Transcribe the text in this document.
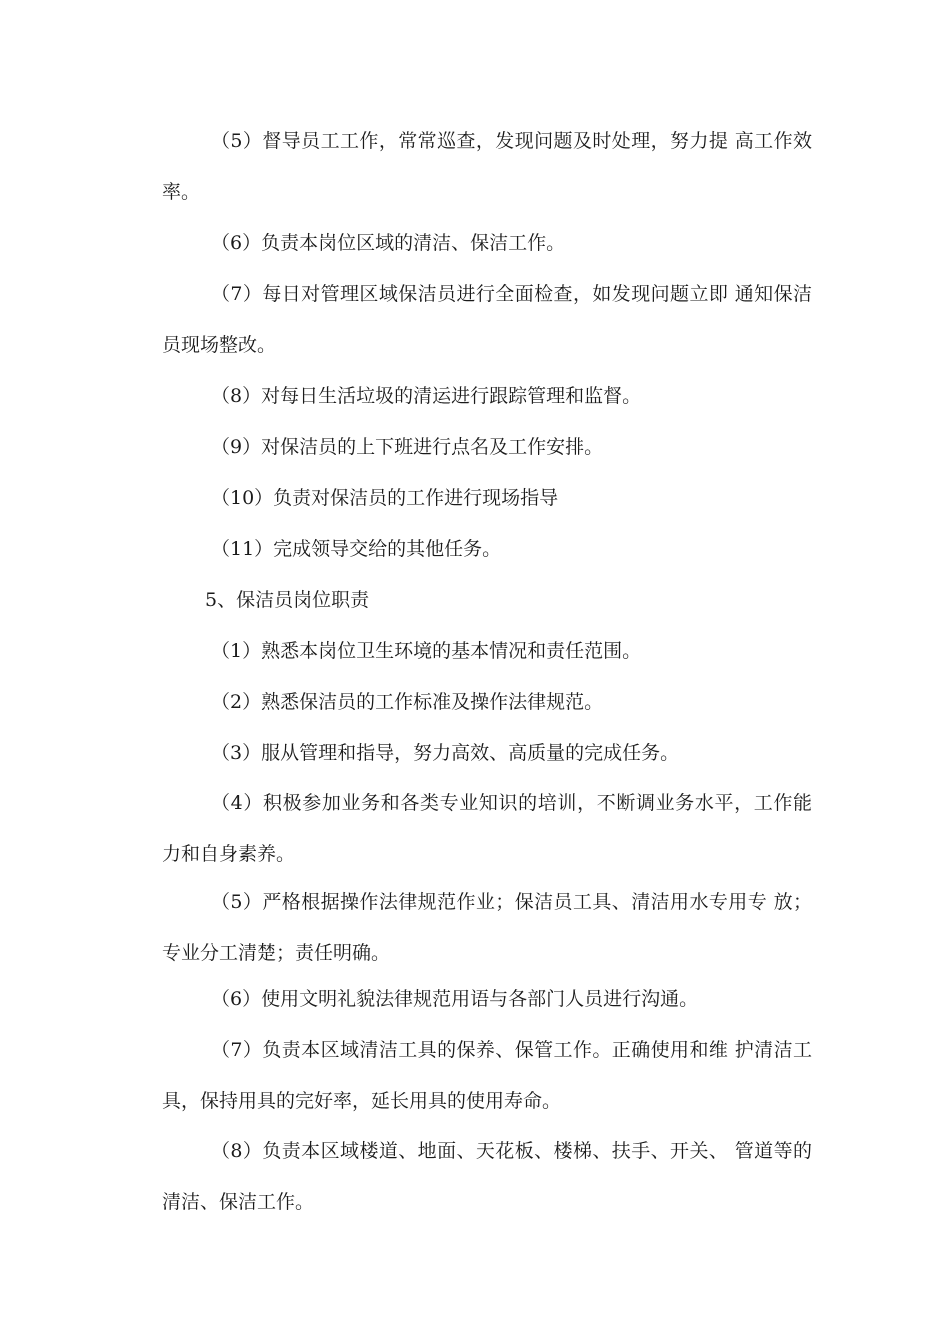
（5）督导员工工作，常常巡查，发现问题及时处理，努力提 高工作效率。

（6）负责本岗位区域的清洁、保洁工作。

（7）每日对管理区域保洁员进行全面检查，如发现问题立即 通知保洁员现场整改。

（8）对每日生活垃圾的清运进行跟踪管理和监督。

（9）对保洁员的上下班进行点名及工作安排。

（10）负责对保洁员的工作进行现场指导

（11）完成领导交给的其他任务。

5、保洁员岗位职责

（1）熟悉本岗位卫生环境的基本情况和责任范围。

（2）熟悉保洁员的工作标准及操作法律规范。

（3）服从管理和指导，努力高效、高质量的完成任务。

（4）积极参加业务和各类专业知识的培训，不断调业务水平，工作能力和自身素养。

（5）严格根据操作法律规范作业；保洁员工具、清洁用水专用专 放；专业分工清楚；责任明确。

（6）使用文明礼貌法律规范用语与各部门人员进行沟通。

（7）负责本区域清洁工具的保养、保管工作。正确使用和维 护清洁工具，保持用具的完好率，延长用具的使用寿命。

（8）负责本区域楼道、地面、天花板、楼梯、扶手、开关、 管道等的清洁、保洁工作。
